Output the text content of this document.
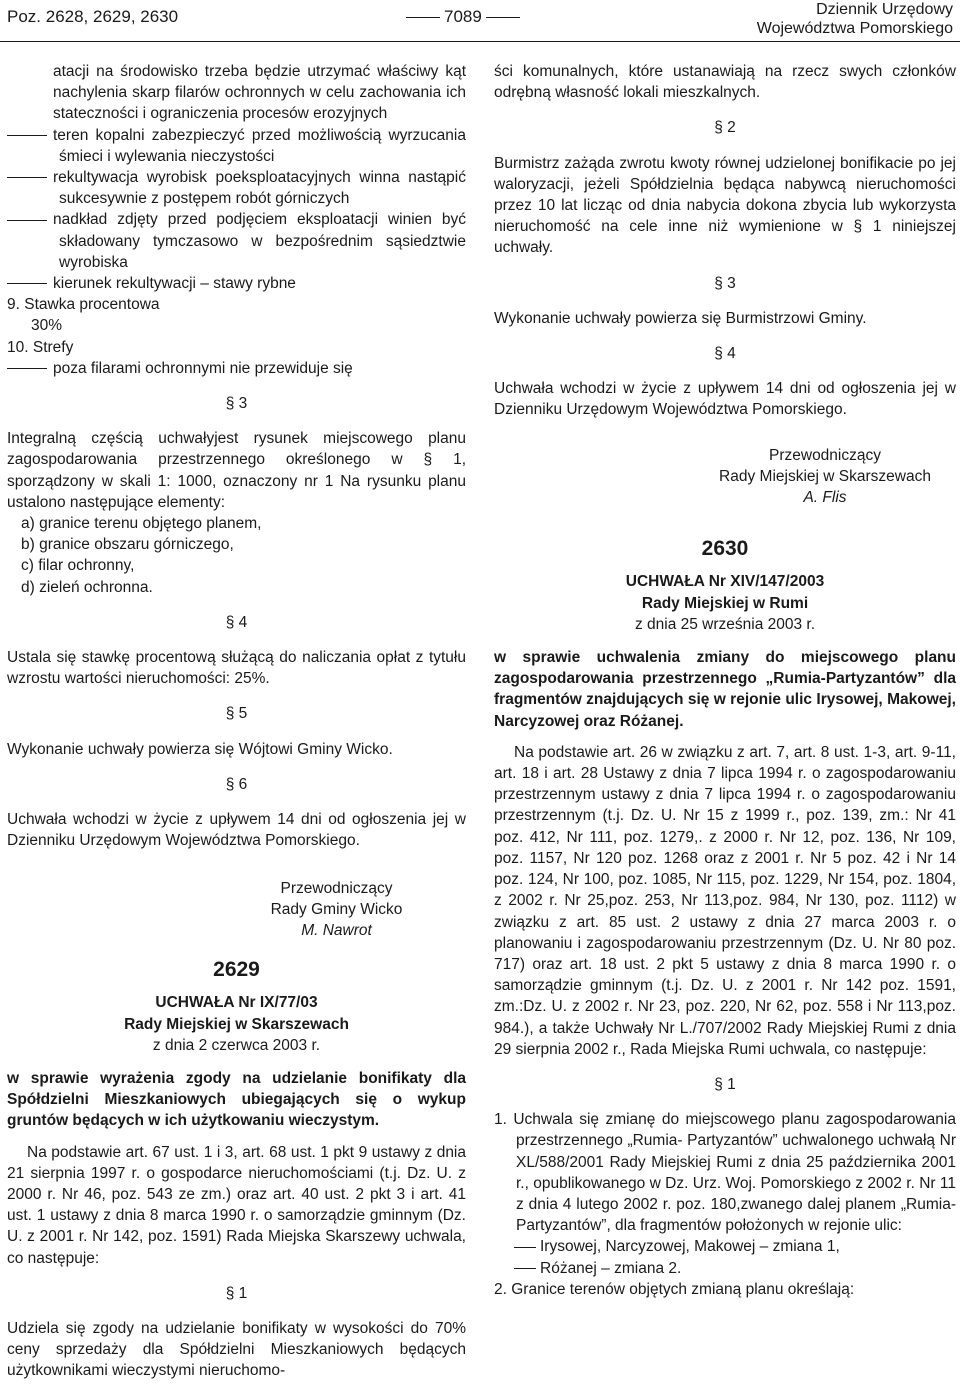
Poz. 2628, 2629, 2630	7089	Dziennik Urzędowy
Województwa Pomorskiego

atacji na środowisko trzeba będzie utrzymać właściwy kąt nachylenia skarp filarów ochronnych w celu zachowania ich stateczności i ograniczenia procesów erozyjnych

teren kopalni zabezpieczyć przed możliwością wyrzucania śmieci i wylewania nieczystości

rekultywacja wyrobisk poeksploatacyjnych winna nastąpić sukcesywnie z postępem robót górniczych

nadkład zdjęty przed podjęciem eksploatacji winien być składowany tymczasowo w bezpośrednim sąsiedztwie wyrobiska

kierunek rekultywacji – stawy rybne

9. Stawka procentowa

30%

10. Strefy

poza filarami ochronnymi nie przewiduje się

§ 3

Integralną częścią uchwałyjest rysunek miejscowego planu zagospodarowania przestrzennego określonego w § 1, sporządzony w skali 1: 1000, oznaczony nr 1 Na rysunku planu ustalono następujące elementy:

a) granice terenu objętego planem,

b) granice obszaru górniczego,

c) filar ochronny,

d) zieleń ochronna.

§ 4

Ustala się stawkę procentową służącą do naliczania opłat z tytułu wzrostu wartości nieruchomości: 25%.

§ 5

Wykonanie uchwały powierza się Wójtowi Gminy Wicko.

§ 6

Uchwała wchodzi w życie z upływem 14 dni od ogłoszenia jej w Dzienniku Urzędowym Województwa Pomorskiego.

Przewodniczący

Rady Gminy Wicko

M. Nawrot

2629

UCHWAŁA Nr IX/77/03

Rady Miejskiej w Skarszewach

z dnia 2 czerwca 2003 r.

w sprawie wyrażenia zgody na udzielanie bonifikaty dla Spółdzielni Mieszkaniowych ubiegających się o wykup gruntów będących w ich użytkowaniu wieczystym.

Na podstawie art. 67 ust. 1 i 3, art. 68 ust. 1 pkt 9 ustawy z dnia 21 sierpnia 1997 r. o gospodarce nieruchomościami (t.j. Dz. U. z 2000 r. Nr 46, poz. 543 ze zm.) oraz art. 40 ust. 2 pkt 3 i art. 41 ust. 1 ustawy z dnia 8 marca 1990 r. o samorządzie gminnym (Dz. U. z 2001 r. Nr 142, poz. 1591) Rada Miejska Skarszewy uchwala, co następuje:

§ 1

Udziela się zgody na udzielanie bonifikaty w wysokości do 70% ceny sprzedaży dla Spółdzielni Mieszkaniowych będących użytkownikami wieczystymi nieruchomo-

ści komunalnych, które ustanawiają na rzecz swych członków odrębną własność lokali mieszkalnych.

§ 2

Burmistrz zażąda zwrotu kwoty równej udzielonej bonifikacie po jej waloryzacji, jeżeli Spółdzielnia będąca nabywcą nieruchomości przez 10 lat licząc od dnia nabycia dokona zbycia lub wykorzysta nieruchomość na cele inne niż wymienione w § 1 niniejszej uchwały.

§ 3

Wykonanie uchwały powierza się Burmistrzowi Gminy.

§ 4

Uchwała wchodzi w życie z upływem 14 dni od ogłoszenia jej w Dzienniku Urzędowym Województwa Pomorskiego.

Przewodniczący

Rady Miejskiej w Skarszewach

A. Flis

2630

UCHWAŁA Nr XIV/147/2003

Rady Miejskiej w Rumi

z dnia 25 września 2003 r.

w sprawie uchwalenia zmiany do miejscowego planu zagospodarowania przestrzennego „Rumia-Partyzantów” dla fragmentów znajdujących się w rejonie ulic Irysowej, Makowej, Narcyzowej oraz Różanej.

Na podstawie art. 26 w związku z art. 7, art. 8 ust. 1-3, art. 9-11, art. 18 i art. 28 Ustawy z dnia 7 lipca 1994 r. o zagospodarowaniu przestrzennym ustawy z dnia 7 lipca 1994 r. o zagospodarowaniu przestrzennym (t.j. Dz. U. Nr 15 z 1999 r., poz. 139, zm.: Nr 41 poz. 412, Nr 111, poz. 1279,. z 2000 r. Nr 12, poz. 136, Nr 109, poz. 1157, Nr 120 poz. 1268 oraz z 2001 r. Nr 5 poz. 42 i Nr 14 poz. 124, Nr 100, poz. 1085, Nr 115, poz. 1229, Nr 154, poz. 1804, z 2002 r. Nr 25,poz. 253, Nr 113,poz. 984, Nr 130, poz. 1112) w związku z art. 85 ust. 2 ustawy z dnia 27 marca 2003 r. o planowaniu i zagospodarowaniu przestrzennym (Dz. U. Nr 80 poz. 717) oraz art. 18 ust. 2 pkt 5 ustawy z dnia 8 marca 1990 r. o samorządzie gminnym (t.j. Dz. U. z 2001 r. Nr 142 poz. 1591, zm.:Dz. U. z 2002 r. Nr 23, poz. 220, Nr 62, poz. 558 i Nr 113,poz. 984.), a także Uchwały Nr L./707/2002 Rady Miejskiej Rumi z dnia 29 sierpnia 2002 r., Rada Miejska Rumi uchwala, co następuje:

§ 1

1. Uchwala się zmianę do miejscowego planu zagospodarowania przestrzennego „Rumia- Partyzantów” uchwalonego uchwałą Nr XL/588/2001 Rady Miejskiej Rumi z dnia 25 października 2001 r., opublikowanego w Dz. Urz. Woj. Pomorskiego z 2002 r. Nr 11 z dnia 4 lutego 2002 r. poz. 180,zwanego dalej planem „Rumia-Partyzantów”, dla fragmentów położonych w rejonie ulic:

Irysowej, Narcyzowej, Makowej – zmiana 1,

Różanej – zmiana 2.

2. Granice terenów objętych zmianą planu określają:
